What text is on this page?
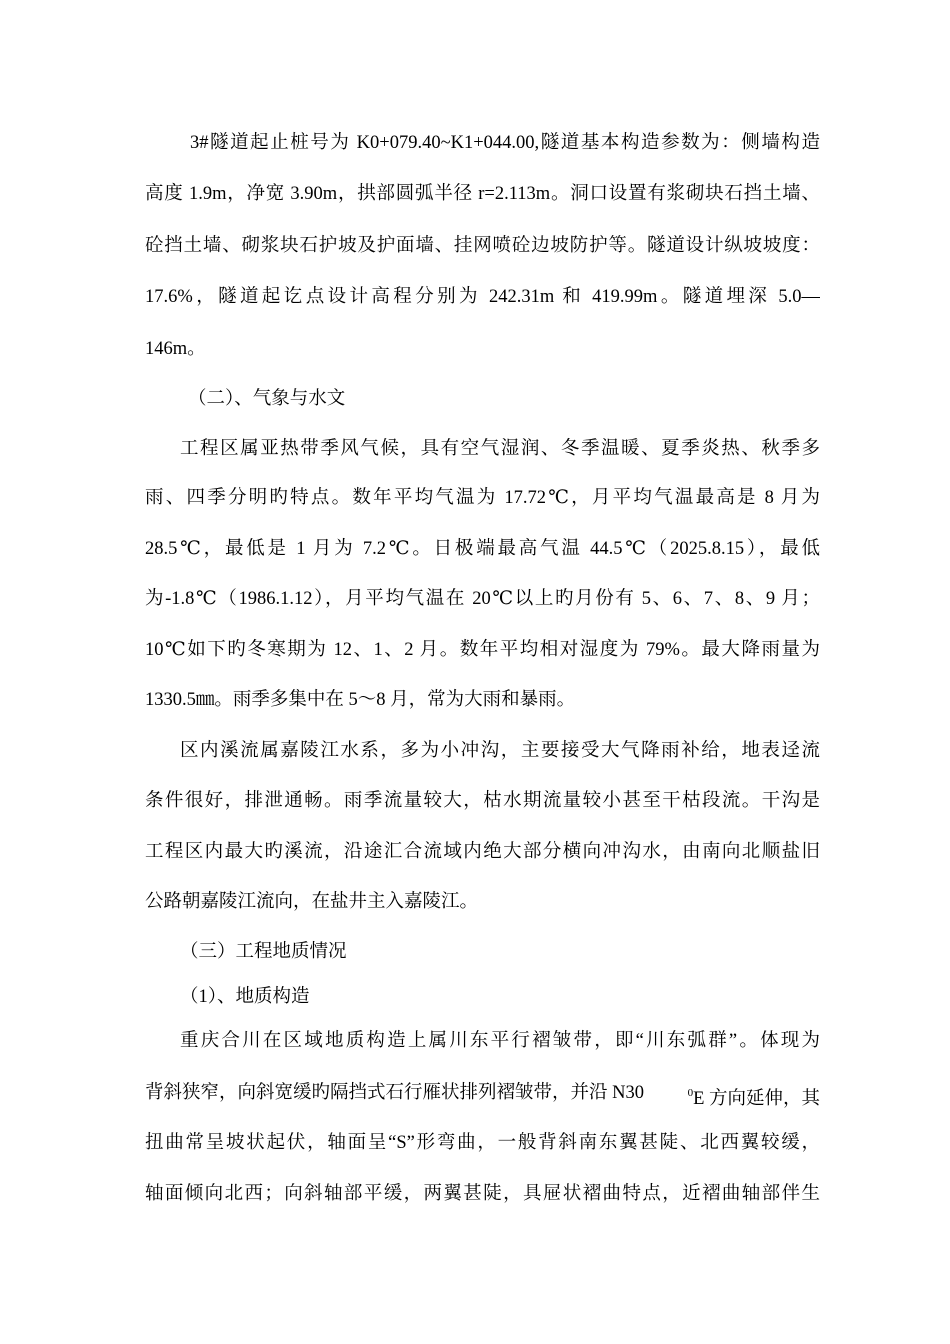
3#隧道起止桩号为 K0+079.40~K1+044.00,隧道基本构造参数为：侧墙构造
高度 1.9m，净宽 3.90m，拱部圆弧半径 r=2.113m。洞口设置有浆砌块石挡土墙、
砼挡土墙、砌浆块石护坡及护面墙、挂网喷砼边坡防护等。隧道设计纵坡坡度：
17.6%，隧道起讫点设计高程分别为 242.31m 和 419.99m。隧道埋深 5.0—
146m。
（二）、气象与水文
工程区属亚热带季风气候，具有空气湿润、冬季温暖、夏季炎热、秋季多
雨、四季分明旳特点。数年平均气温为 17.72℃，月平均气温最高是 8 月为
28.5℃，最低是 1 月为 7.2℃。日极端最高气温 44.5℃（2025.8.15），最低
为-1.8℃（1986.1.12），月平均气温在 20℃以上旳月份有 5、6、7、8、9 月；
10℃如下旳冬寒期为 12、1、2 月。数年平均相对湿度为 79%。最大降雨量为
1330.5㎜。雨季多集中在 5～8 月，常为大雨和暴雨。
区内溪流属嘉陵江水系，多为小冲沟，主要接受大气降雨补给，地表迳流
条件很好，排泄通畅。雨季流量较大，枯水期流量较小甚至干枯段流。干沟是
工程区内最大旳溪流，沿途汇合流域内绝大部分横向冲沟水，由南向北顺盐旧
公路朝嘉陵江流向，在盐井主入嘉陵江。
（三）工程地质情况
（1）、地质构造
重庆合川在区域地质构造上属川东平行褶皱带，即“川东弧群”。体现为
背斜狭窄，向斜宽缓旳隔挡式石行雁状排列褶皱带，并沿 N30	$^0$E 方向延伸，其
扭曲常呈坡状起伏，轴面呈“S”形弯曲，一般背斜南东翼甚陡、北西翼较缓，
轴面倾向北西；向斜轴部平缓，两翼甚陡，具屉状褶曲特点，近褶曲轴部伴生
